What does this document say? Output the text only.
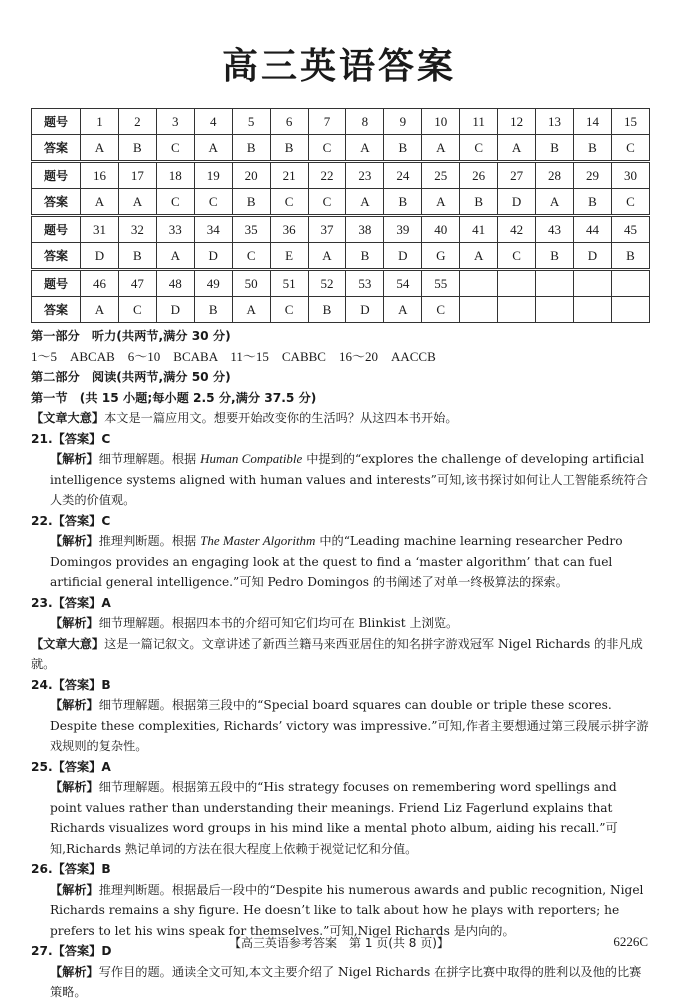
高三英语答案
题号	1	2	3	4	5	6	7	8	9	10	11	12	13	14	15
答案	A	B	C	A	B	B	C	A	B	A	C	A	B	B	C
题号	16	17	18	19	20	21	22	23	24	25	26	27	28	29	30
答案	A	A	C	C	B	C	C	A	B	A	B	D	A	B	C
题号	31	32	33	34	35	36	37	38	39	40	41	42	43	44	45
答案	D	B	A	D	C	E	A	B	D	G	A	C	B	D	B
题号	46	47	48	49	50	51	52	53	54	55					
答案	A	C	D	B	A	C	B	D	A	C					

第一部分　听力(共两节,满分 30 分)

1～5　ABCAB　6～10　BCABA　11～15　CABBC　16～20　AACCB

第二部分　阅读(共两节,满分 50 分)

第一节　(共 15 小题;每小题 2.5 分,满分 37.5 分)

【文章大意】本文是一篇应用文。想要开始改变你的生活吗？从这四本书开始。

21.【答案】C

【解析】细节理解题。根据 Human Compatible 中提到的“explores the challenge of developing artificial intelligence systems aligned with human values and interests”可知,该书探讨如何让人工智能系统符合人类的价值观。

22.【答案】C

【解析】推理判断题。根据 The Master Algorithm 中的“Leading machine learning researcher Pedro Domingos provides an engaging look at the quest to find a ‘master algorithm’ that can fuel artificial general intelligence.”可知 Pedro Domingos 的书阐述了对单一终极算法的探索。

23.【答案】A

【解析】细节理解题。根据四本书的介绍可知它们均可在 Blinkist 上浏览。

【文章大意】这是一篇记叙文。文章讲述了新西兰籍马来西亚居住的知名拼字游戏冠军 Nigel Richards 的非凡成就。

24.【答案】B

【解析】细节理解题。根据第三段中的“Special board squares can double or triple these scores. Despite these complexities, Richards’ victory was impressive.”可知,作者主要想通过第三段展示拼字游戏规则的复杂性。

25.【答案】A

【解析】细节理解题。根据第五段中的“His strategy focuses on remembering word spellings and point values rather than understanding their meanings. Friend Liz Fagerlund explains that Richards visualizes word groups in his mind like a mental photo album, aiding his recall.”可知,Richards 熟记单词的方法在很大程度上依赖于视觉记忆和分值。

26.【答案】B

【解析】推理判断题。根据最后一段中的“Despite his numerous awards and public recognition, Nigel Richards remains a shy figure. He doesn’t like to talk about how he plays with reporters; he prefers to let his wins speak for themselves.”可知,Nigel Richards 是内向的。

27.【答案】D

【解析】写作目的题。通读全文可知,本文主要介绍了 Nigel Richards 在拼字比赛中取得的胜利以及他的比赛策略。

【高三英语参考答案　第 1 页(共 8 页)】	6226C
